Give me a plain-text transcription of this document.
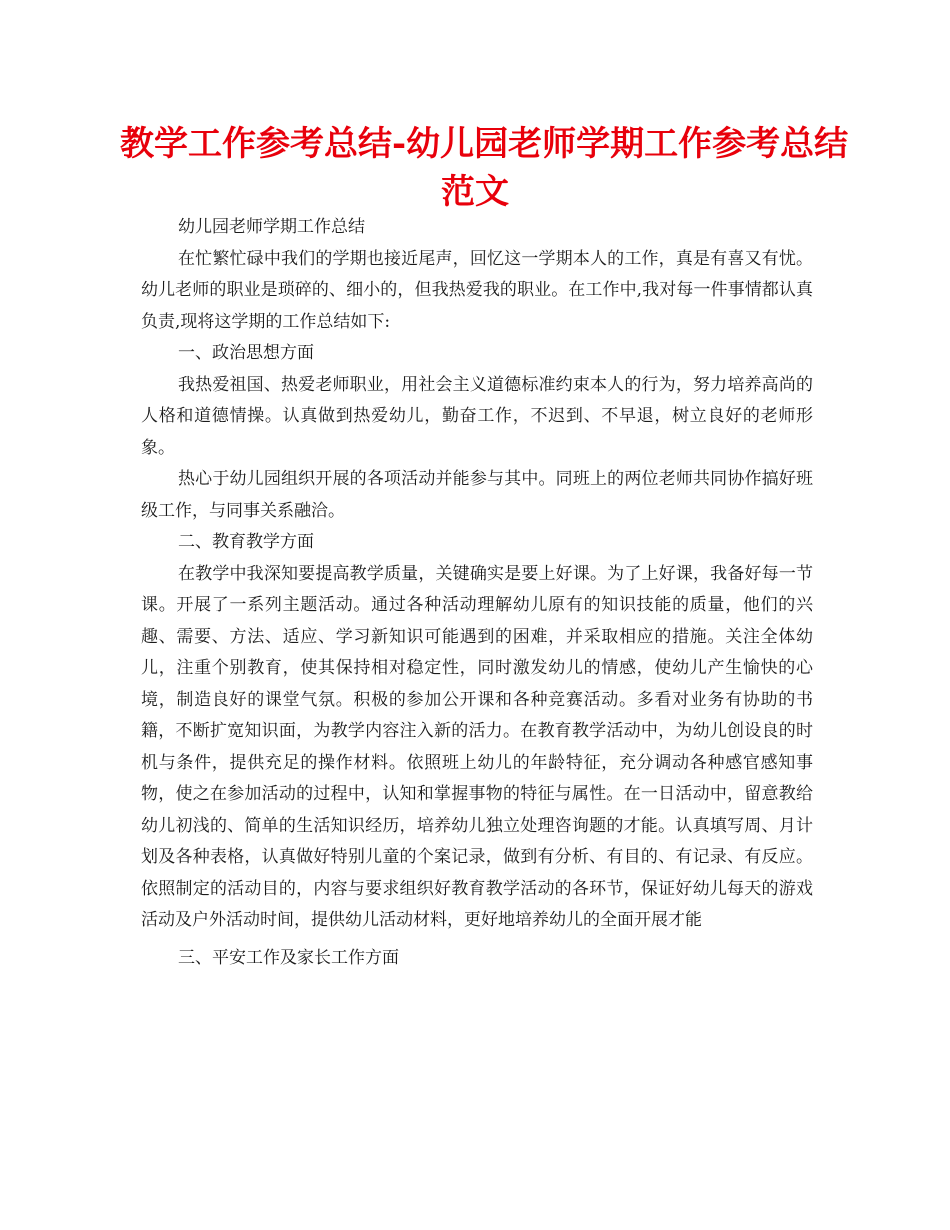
教学工作参考总结-幼儿园老师学期工作参考总结
范文

幼儿园老师学期工作总结

在忙繁忙碌中我们的学期也接近尾声，回忆这一学期本人的工作，真是有喜又有忧。幼儿老师的职业是琐碎的、细小的，但我热爱我的职业。在工作中,我对每一件事情都认真负责,现将这学期的工作总结如下:

一、政治思想方面

我热爱祖国、热爱老师职业，用社会主义道德标准约束本人的行为，努力培养高尚的人格和道德情操。认真做到热爱幼儿，勤奋工作，不迟到、不早退，树立良好的老师形象。

热心于幼儿园组织开展的各项活动并能参与其中。同班上的两位老师共同协作搞好班级工作，与同事关系融洽。

二、教育教学方面

在教学中我深知要提高教学质量，关键确实是要上好课。为了上好课，我备好每一节课。开展了一系列主题活动。通过各种活动理解幼儿原有的知识技能的质量，他们的兴趣、需要、方法、适应、学习新知识可能遇到的困难，并采取相应的措施。关注全体幼儿，注重个别教育，使其保持相对稳定性，同时激发幼儿的情感，使幼儿产生愉快的心境，制造良好的课堂气氛。积极的参加公开课和各种竞赛活动。多看对业务有协助的书籍，不断扩宽知识面，为教学内容注入新的活力。在教育教学活动中，为幼儿创设良的时机与条件，提供充足的操作材料。依照班上幼儿的年龄特征，充分调动各种感官感知事物，使之在参加活动的过程中，认知和掌握事物的特征与属性。在一日活动中，留意教给幼儿初浅的、简单的生活知识经历，培养幼儿独立处理咨询题的才能。认真填写周、月计划及各种表格，认真做好特别儿童的个案记录，做到有分析、有目的、有记录、有反应。依照制定的活动目的，内容与要求组织好教育教学活动的各环节，保证好幼儿每天的游戏活动及户外活动时间，提供幼儿活动材料，更好地培养幼儿的全面开展才能

三、平安工作及家长工作方面
